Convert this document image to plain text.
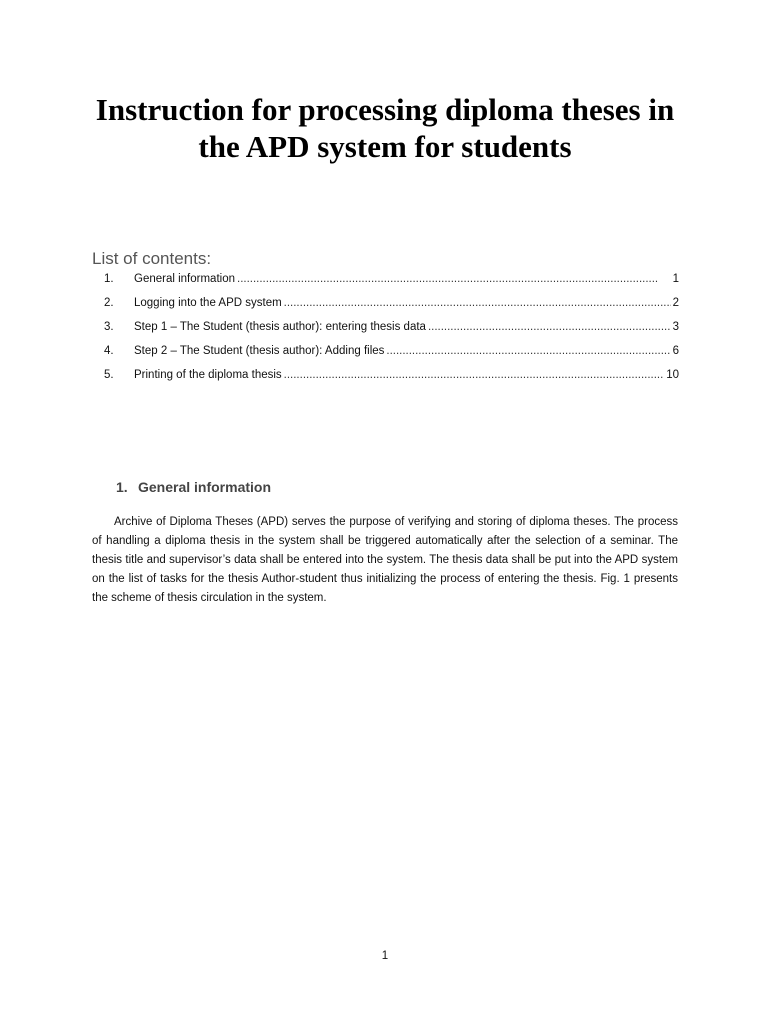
Instruction for processing diploma theses in
the APD system for students
List of contents:
1.	General information . . .	1
2.	Logging into the APD system . . .	2
3.	Step 1 – The Student (thesis author): entering thesis data . . .	3
4.	Step 2 – The Student (thesis author): Adding files . . .	6
5.	Printing of the diploma thesis . . .	10
1. General information

Archive of Diploma Theses (APD) serves the purpose of verifying and storing of diploma theses. The process of handling a diploma thesis in the system shall be triggered automatically after the selection of a seminar. The thesis title and supervisor’s data shall be entered into the system. The thesis data shall be put into the APD system on the list of tasks for the thesis Author-student thus initializing the process of entering the thesis. Fig. 1 presents the scheme of thesis circulation in the system.

1
